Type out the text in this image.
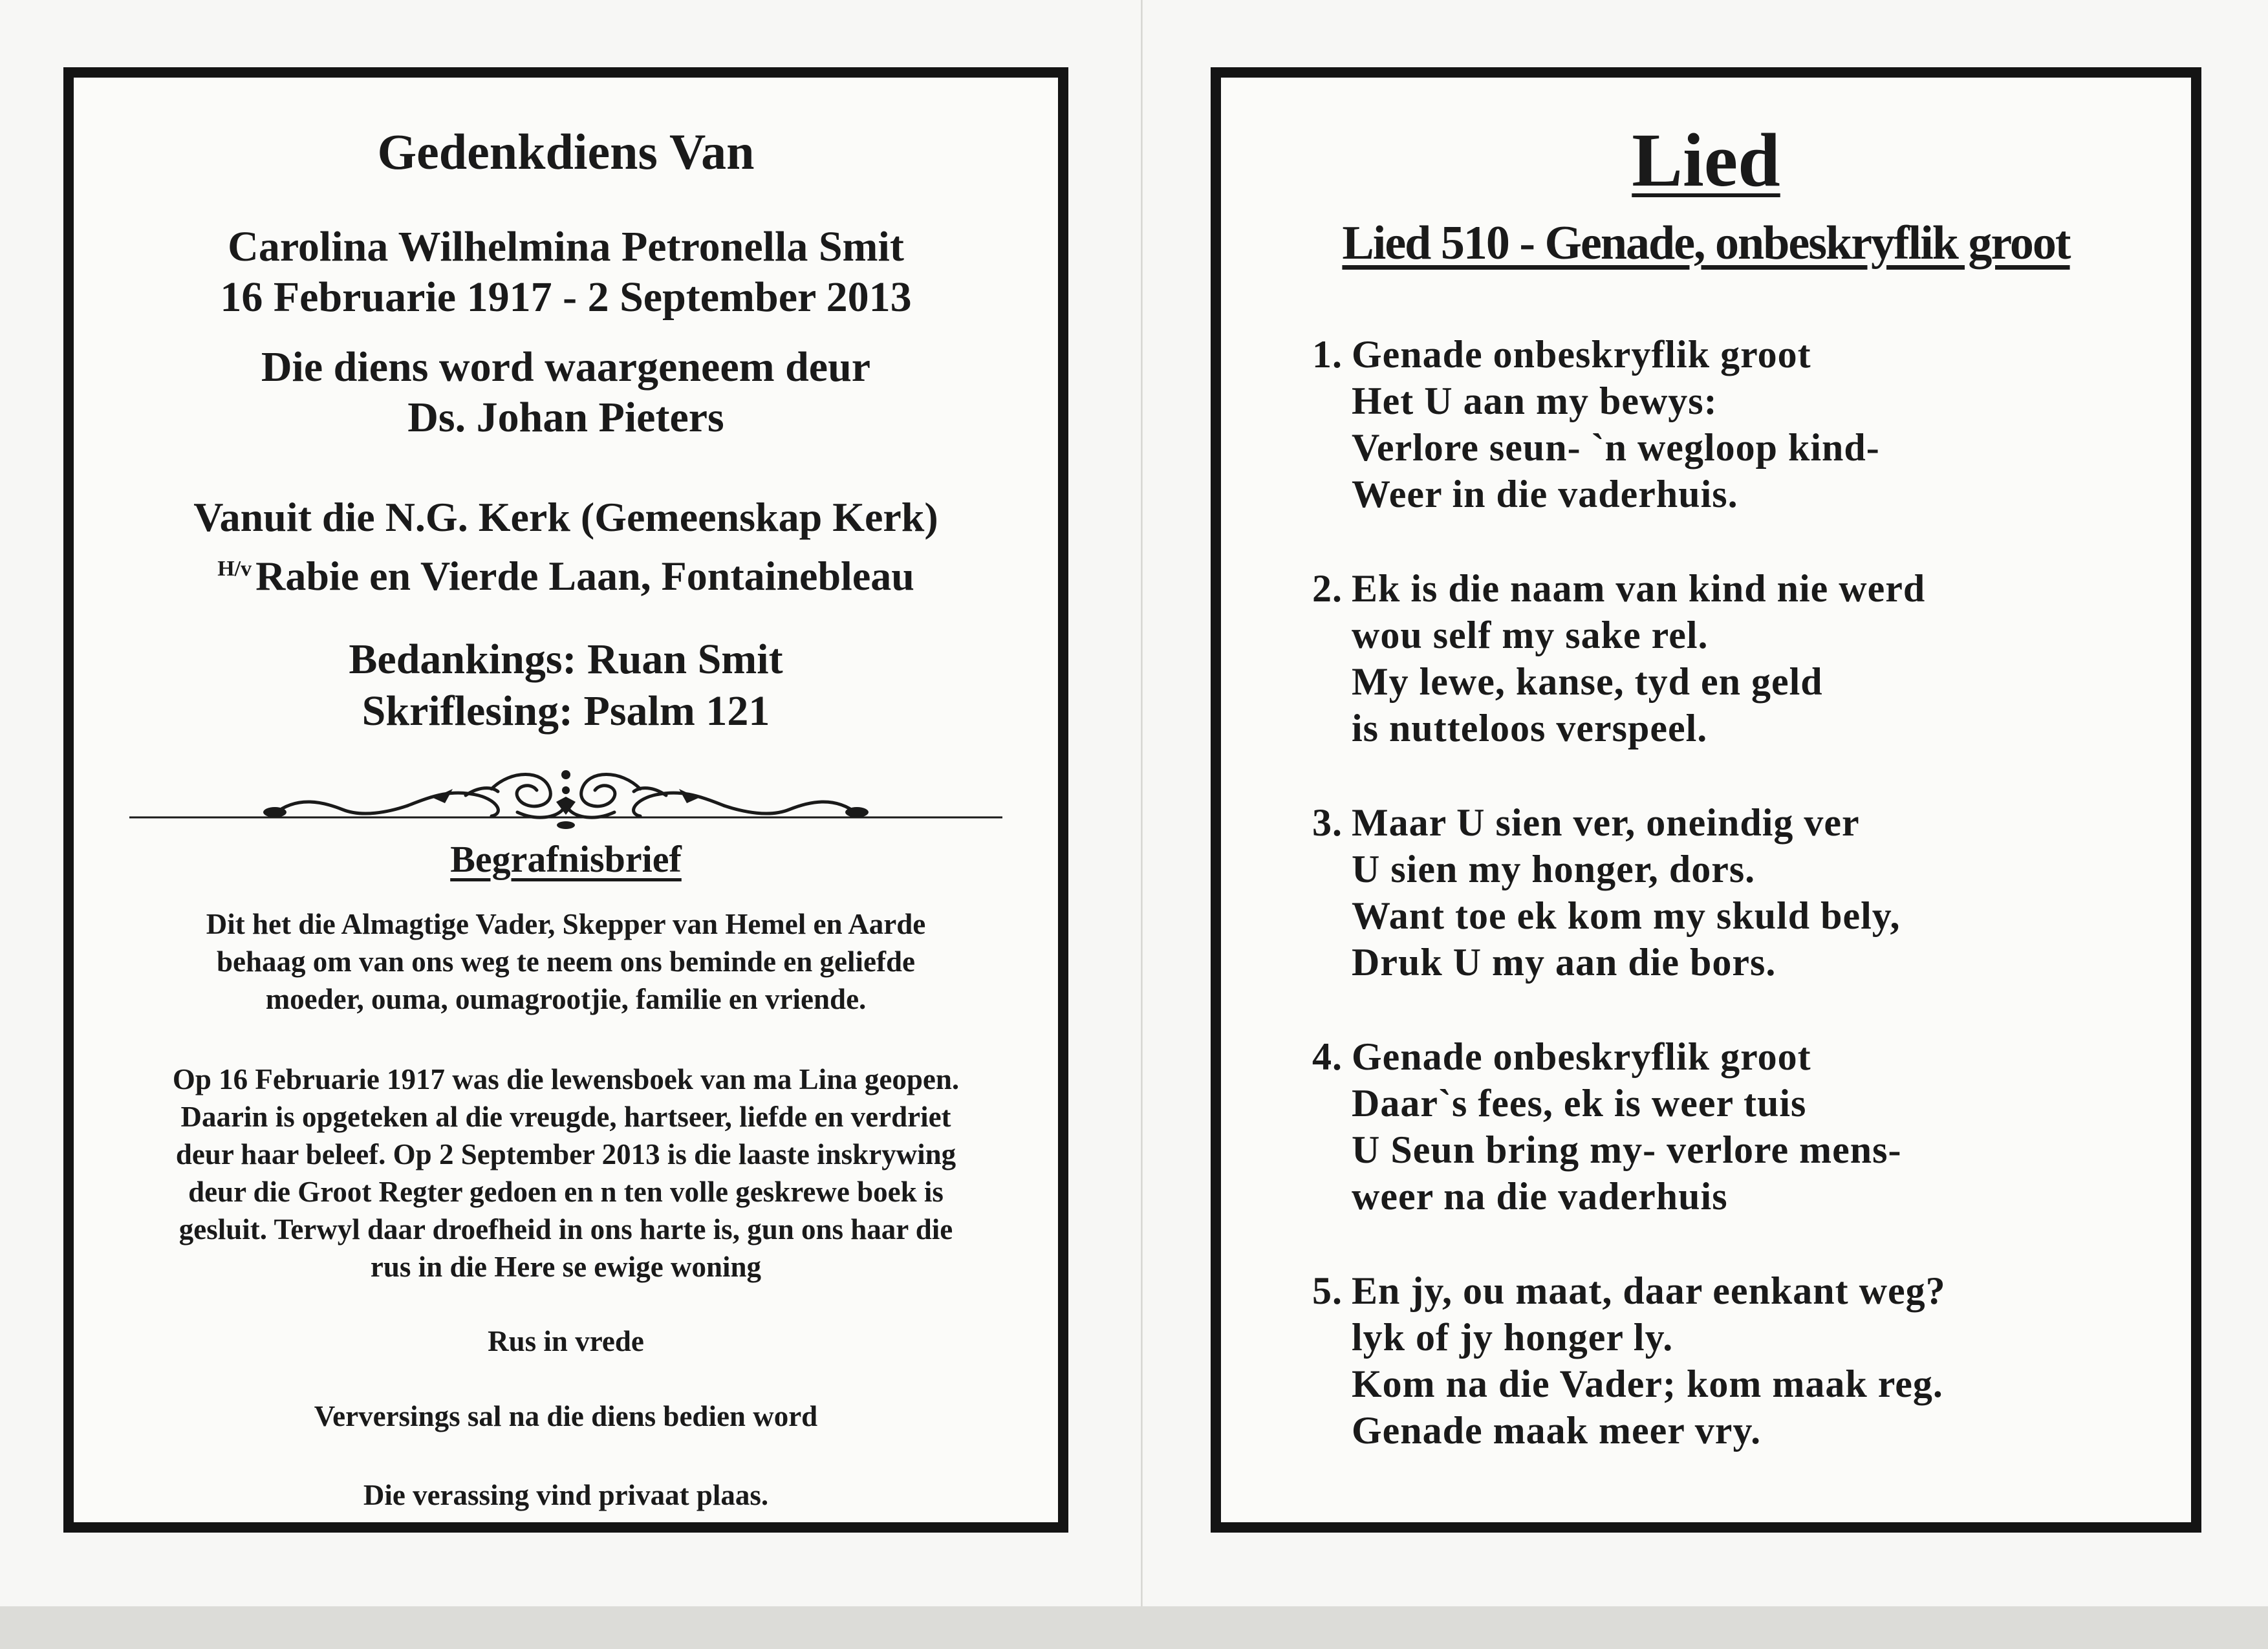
Gedenkdiens Van
Carolina Wilhelmina Petronella Smit
16 Februarie 1917 - 2 September 2013
Die diens word waargeneem deur
Ds. Johan Pieters
Vanuit die N.G. Kerk (Gemeenskap Kerk)
$^{H/v}$Rabie en Vierde Laan, Fontainebleau
Bedankings: Ruan Smit
Skriflesing: Psalm 121
Begrafnisbrief
Dit het die Almagtige Vader, Skepper van Hemel en Aarde
behaag om van ons weg te neem ons beminde en geliefde
moeder, ouma, oumagrootjie, familie en vriende.
Op 16 Februarie 1917 was die lewensboek van ma Lina geopen.
Daarin is opgeteken al die vreugde, hartseer, liefde en verdriet
deur haar beleef. Op 2 September 2013 is die laaste inskrywing
deur die Groot Regter gedoen en n ten volle geskrewe boek is
gesluit. Terwyl daar droefheid in ons harte is, gun ons haar die
rus in die Here se ewige woning
Rus in vrede
Verversings sal na die diens bedien word
Die verassing vind privaat plaas.
Lied
Lied 510 - Genade, onbeskryflik groot
1. Genade onbeskryflik groot
Het U aan my bewys:
Verlore seun- `n wegloop kind-
Weer in die vaderhuis.
2. Ek is die naam van kind nie werd
wou self my sake rel.
My lewe, kanse, tyd en geld
is nutteloos verspeel.
3. Maar U sien ver, oneindig ver
U sien my honger, dors.
Want toe ek kom my skuld bely,
Druk U my aan die bors.
4. Genade onbeskryflik groot
Daar`s fees, ek is weer tuis
U Seun bring my- verlore mens-
weer na die vaderhuis
5. En jy, ou maat, daar eenkant weg?
lyk of jy honger ly.
Kom na die Vader; kom maak reg.
Genade maak meer vry.
